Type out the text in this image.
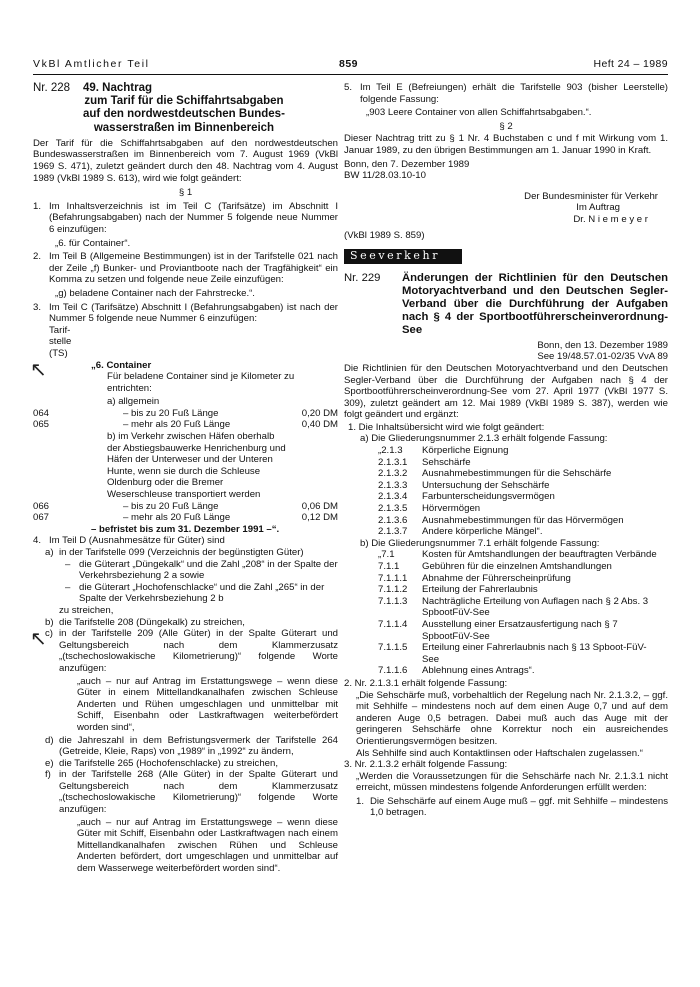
VkBl Amtlicher Teil	859	Heft 24 – 1989
↖
↖
Nr. 228	49. Nachtrag
zum Tarif für die Schiffahrtsabgaben
auf den nordwestdeutschen Bundes-
wasserstraßen im Binnenbereich

Der Tarif für die Schiffahrtsabgaben auf den nordwestdeutschen Bundeswasserstraßen im Binnenbereich vom 7. August 1969 (VkBl 1969 S. 471), zuletzt geändert durch den 48. Nachtrag vom 4. August 1989 (VkBl 1989 S. 613), wird wie folgt geändert:

§ 1

1. Im Inhaltsverzeichnis ist im Teil C (Tarifsätze) im Abschnitt I (Befahrungsabgaben) nach der Nummer 5 folgende neue Nummer 6 einzufügen:

„6. für Container“.

2. Im Teil B (Allgemeine Bestimmungen) ist in der Tarifstelle 021 nach der Zeile „f) Bunker- und Proviantboote nach der Tragfähigkeit“ ein Komma zu setzen und folgende neue Zeile einzufügen:

„g) beladene Container nach der Fahrstrecke.“.

3. Im Teil C (Tarifsätze) Abschnitt I (Befahrungsabgaben) ist nach der Nummer 5 folgende neue Nummer 6 einzufügen:
Tarif-
stelle
(TS)
„6. Container
Für beladene Container sind je Kilometer zu entrichten:
a) allgemein
064	– bis zu 20 Fuß Länge	0,20 DM
065	– mehr als 20 Fuß Länge	0,40 DM
b) im Verkehr zwischen Häfen oberhalb der Abstiegsbauwerke Henrichenburg und Häfen der Unterweser und der Unteren Hunte, wenn sie durch die Schleuse Oldenburg oder die Bremer Weserschleuse transportiert werden
066	– bis zu 20 Fuß Länge	0,06 DM
067	– mehr als 20 Fuß Länge	0,12 DM
– befristet bis zum 31. Dezember 1991 –“.
4. Im Teil D (Ausnahmesätze für Güter) sind
a) in der Tarifstelle 099 (Verzeichnis der begünstigten Güter)
– die Güterart „Düngekalk“ und die Zahl „208“ in der Spalte der Verkehrsbeziehung 2 a sowie
– die Güterart „Hochofenschlacke“ und die Zahl „265“ in der Spalte der Verkehrsbeziehung 2 b
zu streichen,
b) die Tarifstelle 208 (Düngekalk) zu streichen,
c) in der Tarifstelle 209 (Alle Güter) in der Spalte Güterart und Geltungsbereich nach dem Klammerzusatz „(tschechoslowakische Kilometrierung)“ folgende Worte anzufügen:

„auch – nur auf Antrag im Erstattungswege – wenn diese Güter in einem Mittellandkanalhafen zwischen Schleuse Anderten und Rühen umgeschlagen und unmittelbar mit Schiff, Eisenbahn oder Lastkraftwagen weiterbefördert worden sind“,

d) die Jahreszahl in dem Befristungsvermerk der Tarifstelle 264 (Getreide, Kleie, Raps) von „1989“ in „1992“ zu ändern,
e) die Tarifstelle 265 (Hochofenschlacke) zu streichen,
f) in der Tarifstelle 268 (Alle Güter) in der Spalte Güterart und Geltungsbereich nach dem Klammerzusatz „(tschechoslowakische Kilometrierung)“ folgende Worte anzufügen:

„auch – nur auf Antrag im Erstattungswege – wenn diese Güter mit Schiff, Eisenbahn oder Lastkraftwagen nach einem Mittellandkanalhafen zwischen Rühen und Schleuse Anderten befördert, dort umgeschlagen und unmittelbar auf dem Wasserwege weiterbefördert worden sind“.

5. Im Teil E (Befreiungen) erhält die Tarifstelle 903 (bisher Leerstelle) folgende Fassung:

„903 Leere Container von allen Schiffahrtsabgaben.“.

§ 2

Dieser Nachtrag tritt zu § 1 Nr. 4 Buchstaben c und f mit Wirkung vom 1. Januar 1989, zu den übrigen Bestimmungen am 1. Januar 1990 in Kraft.

Bonn, den 7. Dezember 1989

BW 11/28.03.10-10

Der Bundesminister für Verkehr
Im Auftrag
Dr. N i e m e y e r

(VkBl 1989 S. 859)

Seeverkehr
Nr. 229	Änderungen der Richtlinien für den Deutschen Motoryachtverband und den Deutschen Segler-Verband über die Durchführung der Aufgaben nach § 4 der Sportbootführerscheinverordnung-See

Bonn, den 13. Dezember 1989

See 19/48.57.01-02/35 VvA 89

Die Richtlinien für den Deutschen Motoryachtverband und den Deutschen Segler-Verband über die Durchführung der Aufgaben nach § 4 der Sportbootführerscheinverordnung-See vom 27. April 1977 (VkBl 1977 S. 309), zuletzt geändert am 12. Mai 1989 (VkBl 1989 S. 387), werden wie folgt geändert und ergänzt:

1. Die Inhaltsübersicht wird wie folgt geändert:

a) Die Gliederungsnummer 2.1.3 erhält folgende Fassung:

„2.1.3	Körperliche Eignung
2.1.3.1	Sehschärfe
2.1.3.2	Ausnahmebestimmungen für die Sehschärfe
2.1.3.3	Untersuchung der Sehschärfe
2.1.3.4	Farbunterscheidungsvermögen
2.1.3.5	Hörvermögen
2.1.3.6	Ausnahmebestimmungen für das Hörvermögen
2.1.3.7	Andere körperliche Mängel“.

b) Die Gliederungsnummer 7.1 erhält folgende Fassung:

„7.1	Kosten für Amtshandlungen der beauftragten Verbände
7.1.1	Gebühren für die einzelnen Amtshandlungen
7.1.1.1	Abnahme der Führerscheinprüfung
7.1.1.2	Erteilung der Fahrerlaubnis
7.1.1.3	Nachträgliche Erteilung von Auflagen nach § 2 Abs. 3 SpbootFüV-See
7.1.1.4	Ausstellung einer Ersatzausfertigung nach § 7 SpbootFüV-See
7.1.1.5	Erteilung einer Fahrerlaubnis nach § 13 Spboot-FüV-See
7.1.1.6	Ablehnung eines Antrags“.

2. Nr. 2.1.3.1 erhält folgende Fassung:

„Die Sehschärfe muß, vorbehaltlich der Regelung nach Nr. 2.1.3.2, – ggf. mit Sehhilfe – mindestens noch auf dem einen Auge 0,7 und auf dem anderen Auge 0,5 betragen. Dabei muß auch das Auge mit der geringeren Sehschärfe ohne Korrektur noch ein ausreichendes Orientierungsvermögen besitzen.

Als Sehhilfe sind auch Kontaktlinsen oder Haftschalen zugelassen.“

3. Nr. 2.1.3.2 erhält folgende Fassung:

„Werden die Voraussetzungen für die Sehschärfe nach Nr. 2.1.3.1 nicht erreicht, müssen mindestens folgende Anforderungen erfüllt werden:

1. Die Sehschärfe auf einem Auge muß – ggf. mit Sehhilfe – mindestens 1,0 betragen.
